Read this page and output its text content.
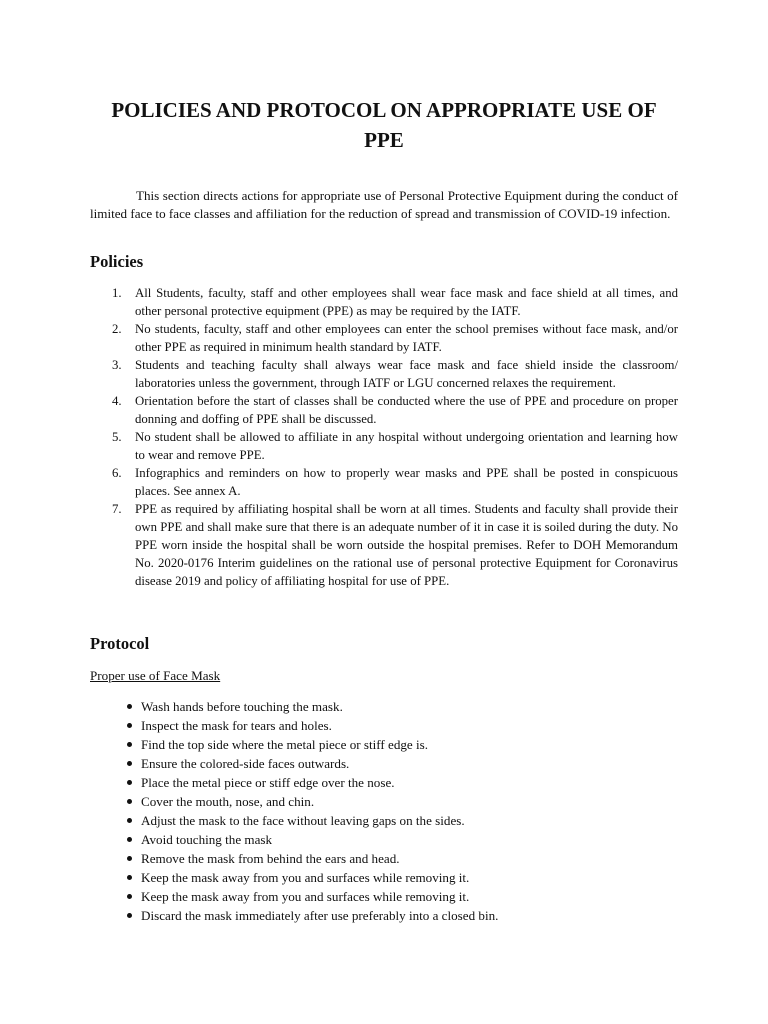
POLICIES AND PROTOCOL ON APPROPRIATE USE OF PPE

This section directs actions for appropriate use of Personal Protective Equipment during the conduct of limited face to face classes and affiliation for the reduction of spread and transmission of COVID-19 infection.

Policies
1. All Students, faculty, staff and other employees shall wear face mask and face shield at all times, and other personal protective equipment (PPE) as may be required by the IATF.
2. No students, faculty, staff and other employees can enter the school premises without face mask, and/or other PPE as required in minimum health standard by IATF.
3. Students and teaching faculty shall always wear face mask and face shield inside the classroom/ laboratories unless the government, through IATF or LGU concerned relaxes the requirement.
4. Orientation before the start of classes shall be conducted where the use of PPE and procedure on proper donning and doffing of PPE shall be discussed.
5. No student shall be allowed to affiliate in any hospital without undergoing orientation and learning how to wear and remove PPE.
6. Infographics and reminders on how to properly wear masks and PPE shall be posted in conspicuous places. See annex A.
7. PPE as required by affiliating hospital shall be worn at all times. Students and faculty shall provide their own PPE and shall make sure that there is an adequate number of it in case it is soiled during the duty. No PPE worn inside the hospital shall be worn outside the hospital premises. Refer to DOH Memorandum No. 2020-0176 Interim guidelines on the rational use of personal protective Equipment for Coronavirus disease 2019 and policy of affiliating hospital for use of PPE.
Protocol

Proper use of Face Mask

Wash hands before touching the mask.
Inspect the mask for tears and holes.
Find the top side where the metal piece or stiff edge is.
Ensure the colored-side faces outwards.
Place the metal piece or stiff edge over the nose.
Cover the mouth, nose, and chin.
Adjust the mask to the face without leaving gaps on the sides.
Avoid touching the mask
Remove the mask from behind the ears and head.
Keep the mask away from you and surfaces while removing it.
Keep the mask away from you and surfaces while removing it.
Discard the mask immediately after use preferably into a closed bin.
